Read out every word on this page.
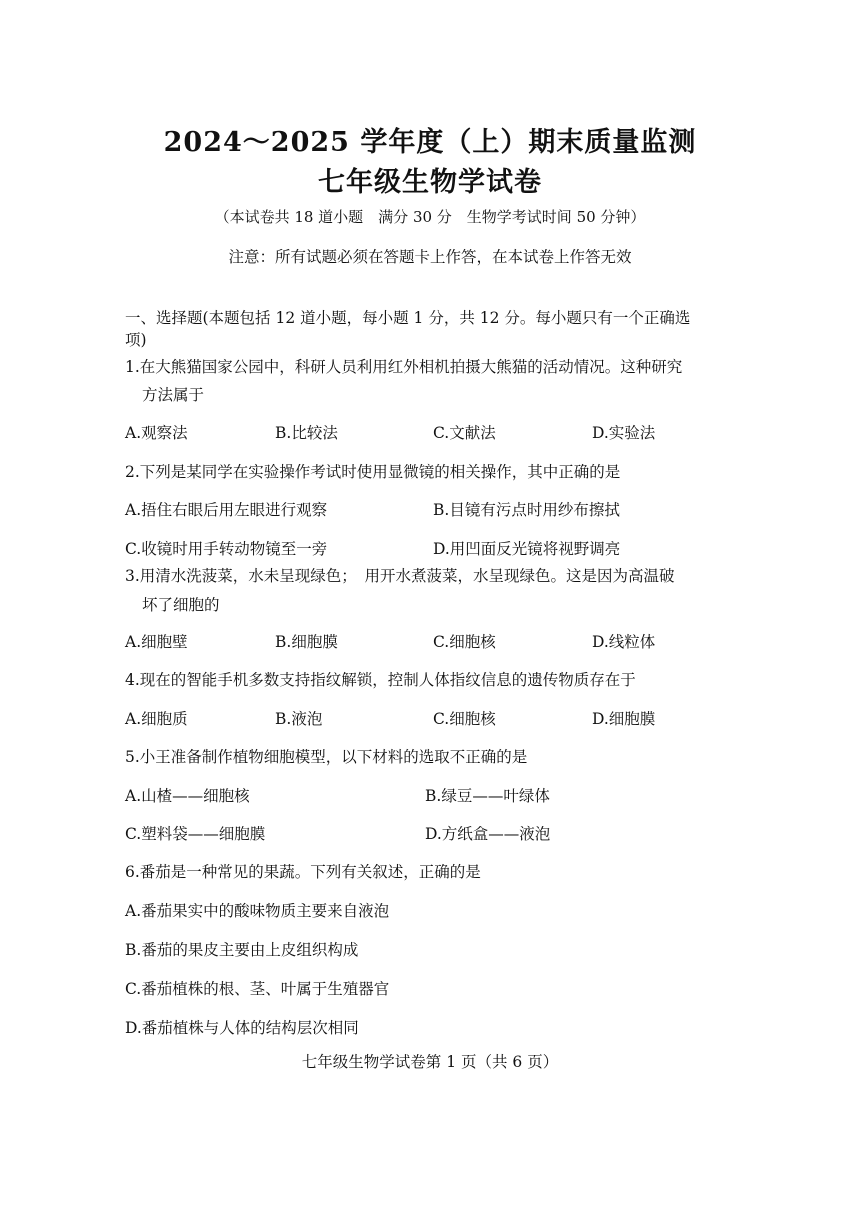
2024～2025 学年度（上）期末质量监测
七年级生物学试卷
（本试卷共 18 道小题　满分 30 分　生物学考试时间 50 分钟）
注意：所有试题必须在答题卡上作答，在本试卷上作答无效
一、选择题(本题包括 12 道小题，每小题 1 分，共 12 分。每小题只有一个正确选
项)
1.在大熊猫国家公园中，科研人员利用红外相机拍摄大熊猫的活动情况。这种研究
方法属于
A.观察法	B.比较法	C.文献法	D.实验法
2.下列是某同学在实验操作考试时使用显微镜的相关操作，其中正确的是
A.捂住右眼后用左眼进行观察	B.目镜有污点时用纱布擦拭
C.收镜时用手转动物镜至一旁	D.用凹面反光镜将视野调亮
3.用清水洗菠菜，水未呈现绿色；　用开水煮菠菜，水呈现绿色。这是因为高温破
坏了细胞的
A.细胞壁	B.细胞膜	C.细胞核	D.线粒体
4.现在的智能手机多数支持指纹解锁，控制人体指纹信息的遗传物质存在于
A.细胞质	B.液泡	C.细胞核	D.细胞膜
5.小王准备制作植物细胞模型，以下材料的选取不正确的是
A.山楂——细胞核	B.绿豆——叶绿体
C.塑料袋——细胞膜	D.方纸盒——液泡
6.番茄是一种常见的果蔬。下列有关叙述，正确的是
A.番茄果实中的酸味物质主要来自液泡
B.番茄的果皮主要由上皮组织构成
C.番茄植株的根、茎、叶属于生殖器官
D.番茄植株与人体的结构层次相同
七年级生物学试卷第 1 页（共 6 页）
